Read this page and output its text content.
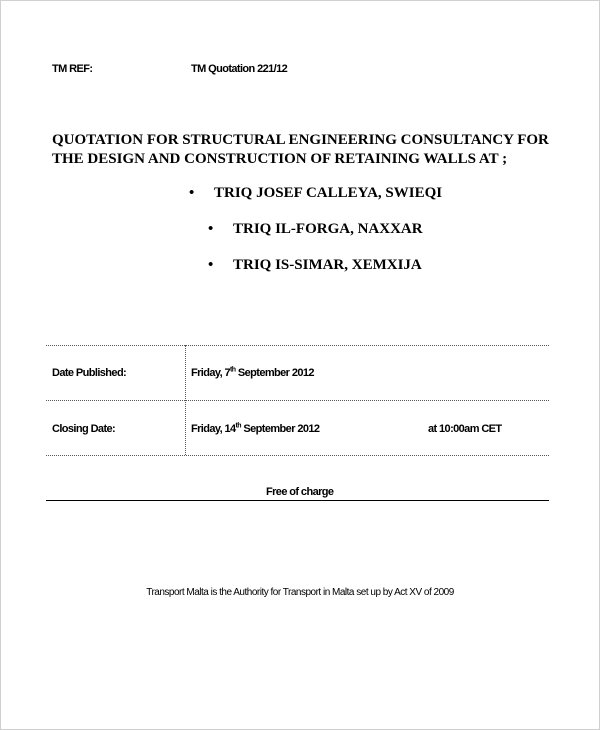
TM REF:	TM Quotation 221/12
QUOTATION FOR STRUCTURAL ENGINEERING CONSULTANCY FOR THE DESIGN AND CONSTRUCTION OF RETAINING WALLS AT ;
• TRIQ JOSEF CALLEYA, SWIEQI
• TRIQ IL-FORGA, NAXXAR
• TRIQ IS-SIMAR, XEMXIJA
Date Published:	Friday, 7th September 2012
Closing Date:	Friday, 14th September 2012	at 10:00am CET
Free of charge
Transport Malta is the Authority for Transport in Malta set up by Act XV of 2009
